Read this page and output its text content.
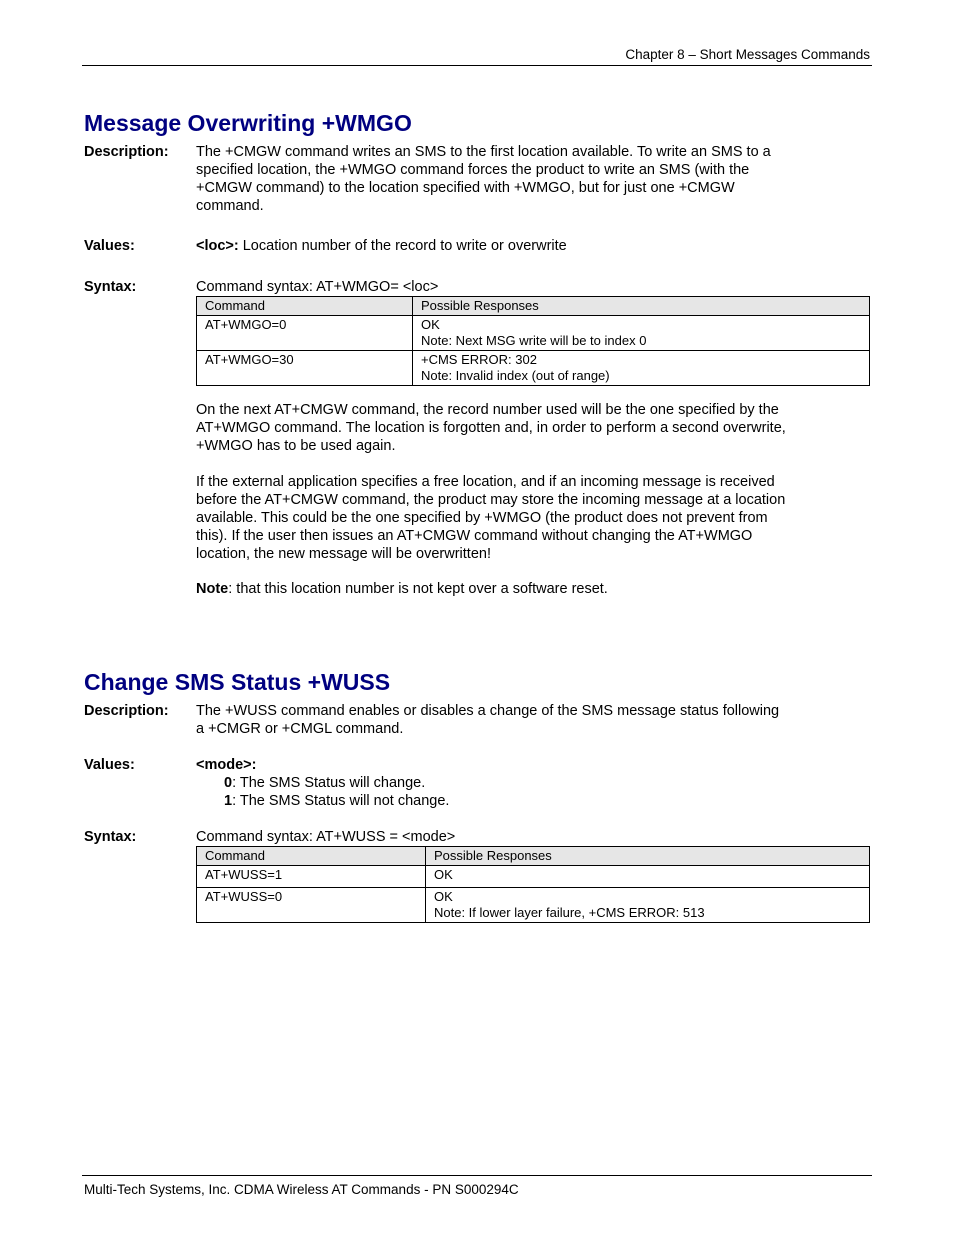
Chapter 8 – Short Messages Commands
Message Overwriting +WMGO
Description: The +CMGW command writes an SMS to the first location available. To write an SMS to a

specified location, the +WMGO command forces the product to write an SMS (with the

+CMGW command) to the location specified with +WMGO, but for just one +CMGW

command.

Values:	<loc>: Location number of the record to write or overwrite

Syntax:	Command syntax: AT+WMGO= <loc>
Command	Possible Responses
AT+WMGO=0	OK
Note: Next MSG write will be to index 0

AT+WMGO=30	+CMS ERROR: 302
Note: Invalid index (out of range)

On the next AT+CMGW command, the record number used will be the one specified by the

AT+WMGO command. The location is forgotten and, in order to perform a second overwrite,

+WMGO has to be used again.

If the external application specifies a free location, and if an incoming message is received

before the AT+CMGW command, the product may store the incoming message at a location

available. This could be the one specified by +WMGO (the product does not prevent from

this). If the user then issues an AT+CMGW command without changing the AT+WMGO

location, the new message will be overwritten!

Note: that this location number is not kept over a software reset.

Change SMS Status +WUSS
Description: The +WUSS command enables or disables a change of the SMS message status following

a +CMGR or +CMGL command.

Values:	<mode>:

0: The SMS Status will change.

1: The SMS Status will not change.

Syntax:	Command syntax: AT+WUSS = <mode>
Command	Possible Responses
AT+WUSS=1	OK

AT+WUSS=0	OK
Note: If lower layer failure, +CMS ERROR: 513
Multi-Tech Systems, Inc. CDMA Wireless AT Commands - PN S000294C
